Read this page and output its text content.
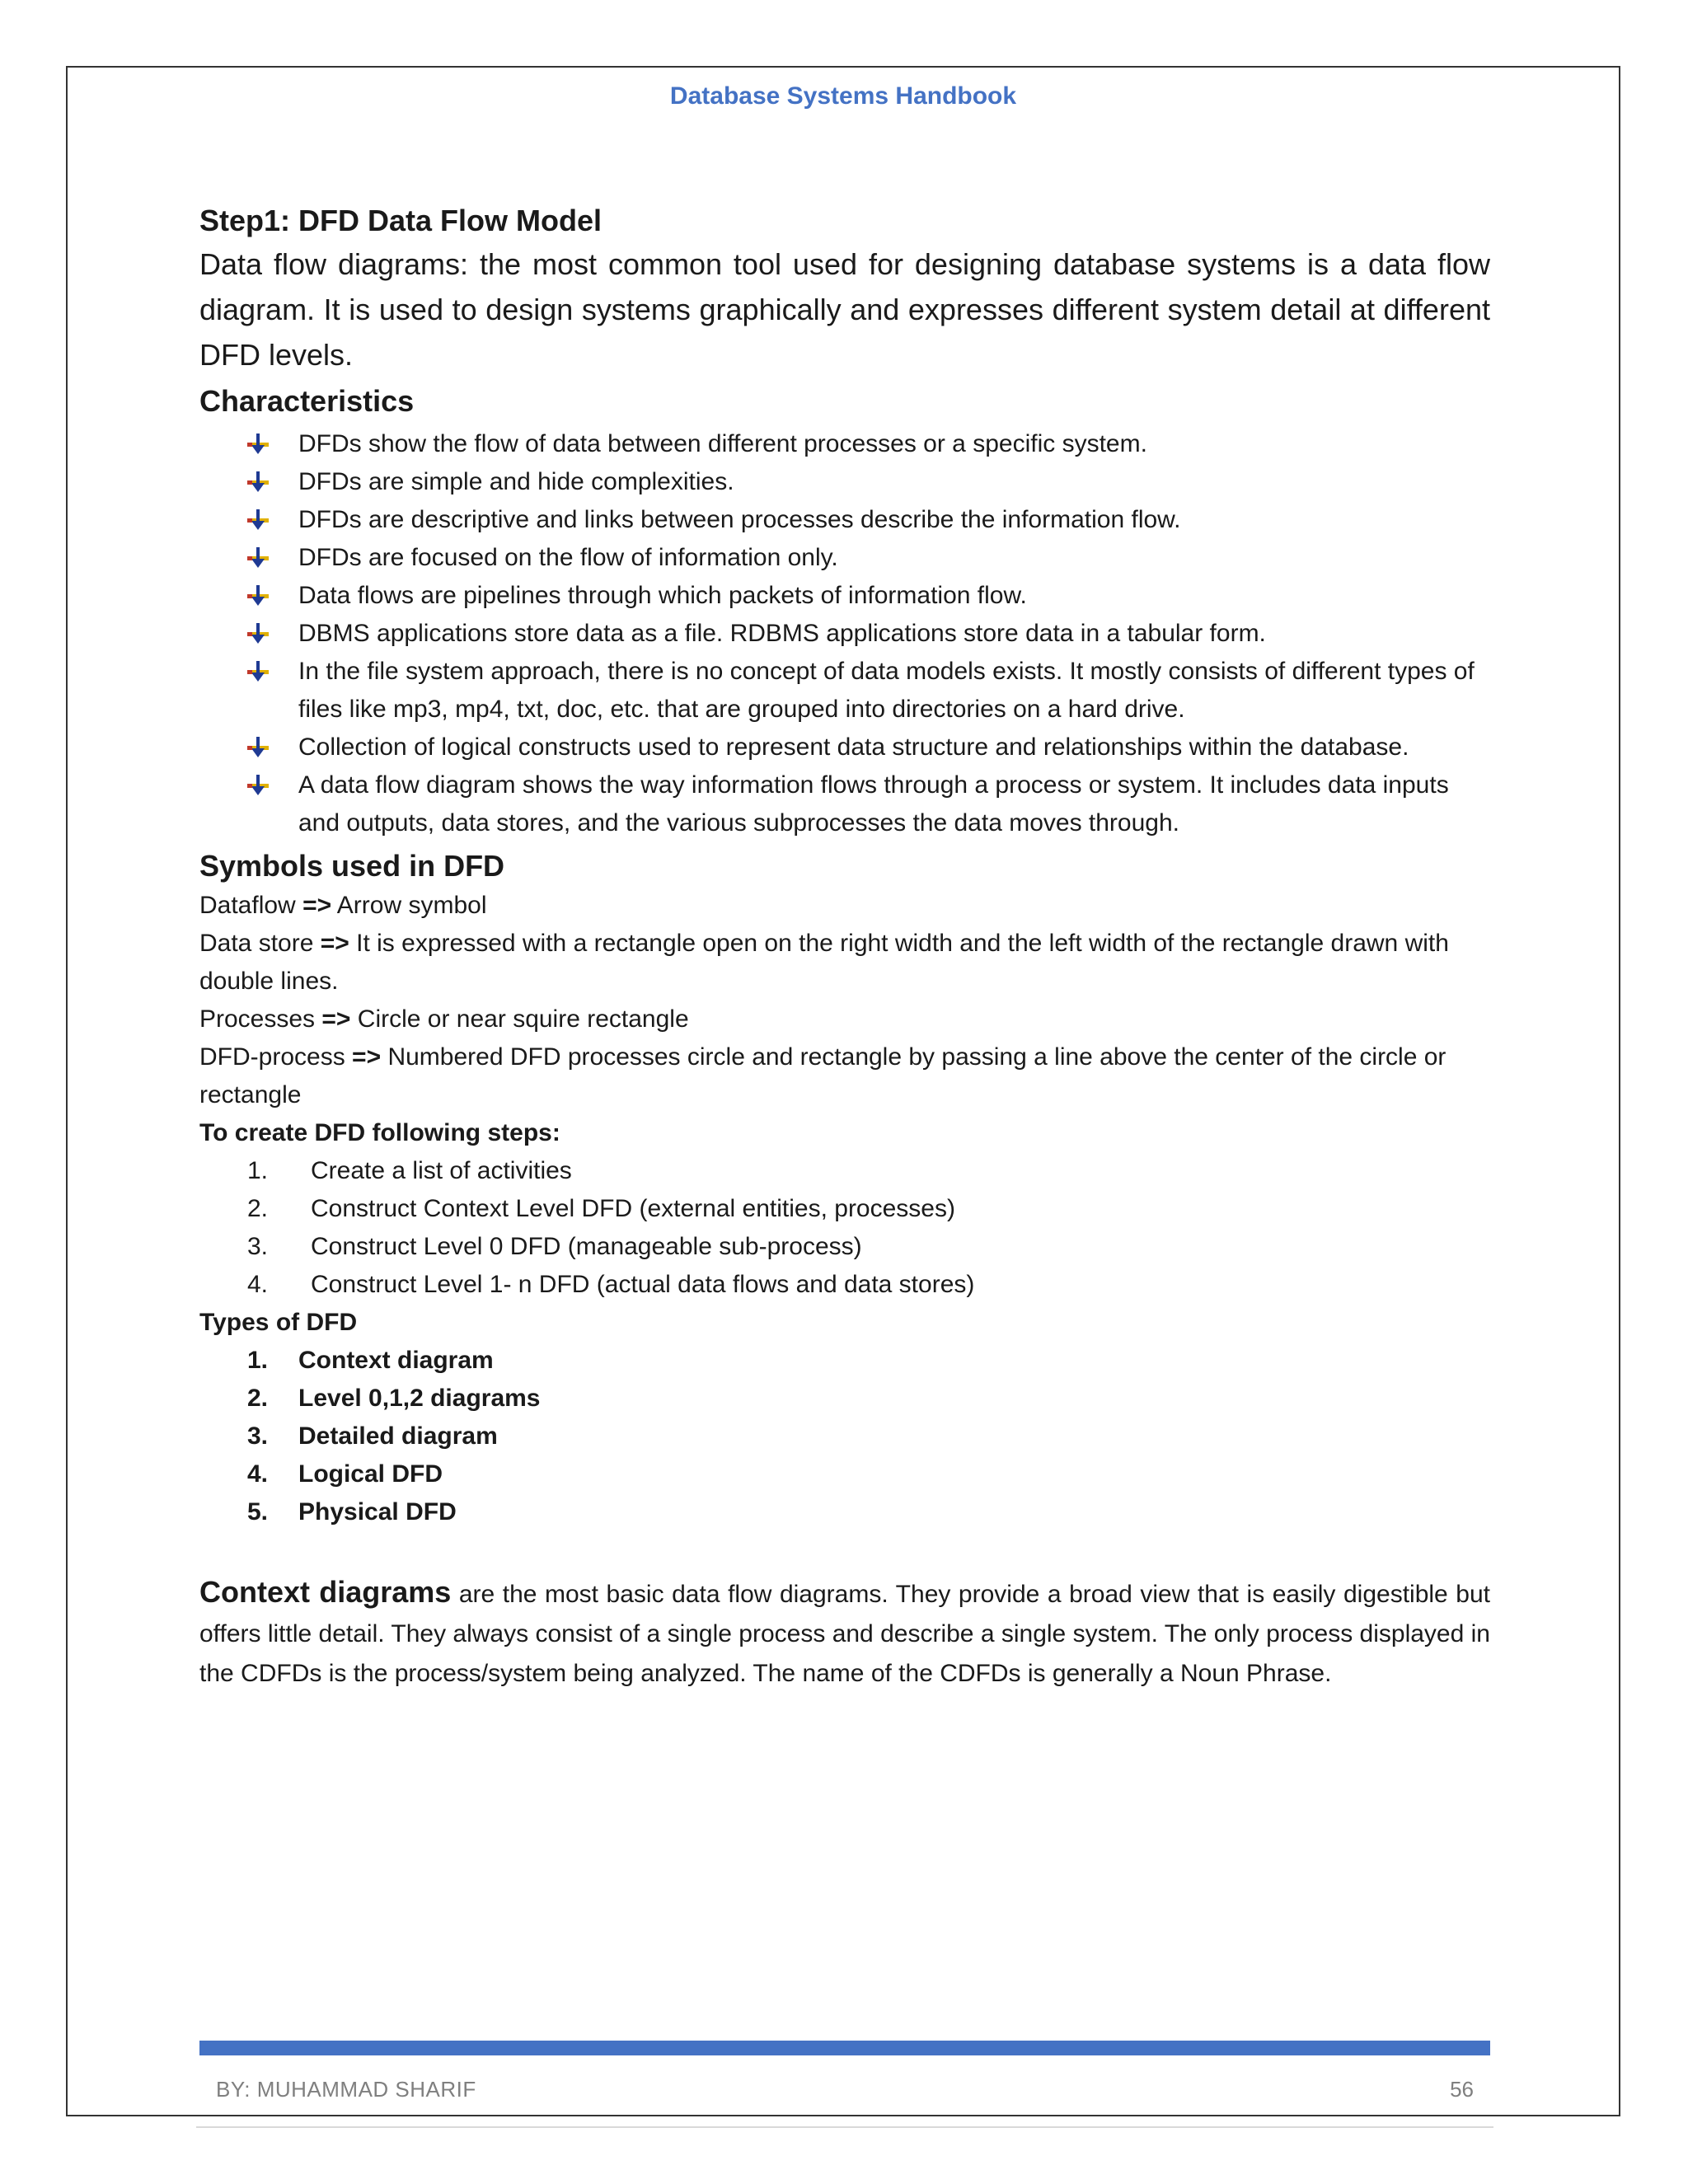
Database Systems Handbook
Step1: DFD Data Flow Model

Data flow diagrams: the most common tool used for designing database systems is a data flow diagram. It is used to design systems graphically and expresses different system detail at different DFD levels.

Characteristics
DFDs show the flow of data between different processes or a specific system.
DFDs are simple and hide complexities.
DFDs are descriptive and links between processes describe the information flow.
DFDs are focused on the flow of information only.
Data flows are pipelines through which packets of information flow.
DBMS applications store data as a file. RDBMS applications store data in a tabular form.
In the file system approach, there is no concept of data models exists. It mostly consists of different types of files like mp3, mp4, txt, doc, etc. that are grouped into directories on a hard drive.
Collection of logical constructs used to represent data structure and relationships within the database.
A data flow diagram shows the way information flows through a process or system. It includes data inputs and outputs, data stores, and the various subprocesses the data moves through.
Symbols used in DFD

Dataflow => Arrow symbol

Data store => It is expressed with a rectangle open on the right width and the left width of the rectangle drawn with double lines.

Processes => Circle or near squire rectangle

DFD-process => Numbered DFD processes circle and rectangle by passing a line above the center of the circle or rectangle

To create DFD following steps:

1. Create a list of activities
2. Construct Context Level DFD (external entities, processes)
3. Construct Level 0 DFD (manageable sub-process)
4. Construct Level 1- n DFD (actual data flows and data stores)

Types of DFD

1. Context diagram
2. Level 0,1,2 diagrams
3. Detailed diagram
4. Logical DFD
5. Physical DFD

Context diagrams are the most basic data flow diagrams. They provide a broad view that is easily digestible but offers little detail. They always consist of a single process and describe a single system. The only process displayed in the CDFDs is the process/system being analyzed. The name of the CDFDs is generally a Noun Phrase.

BY: MUHAMMAD SHARIF	56
